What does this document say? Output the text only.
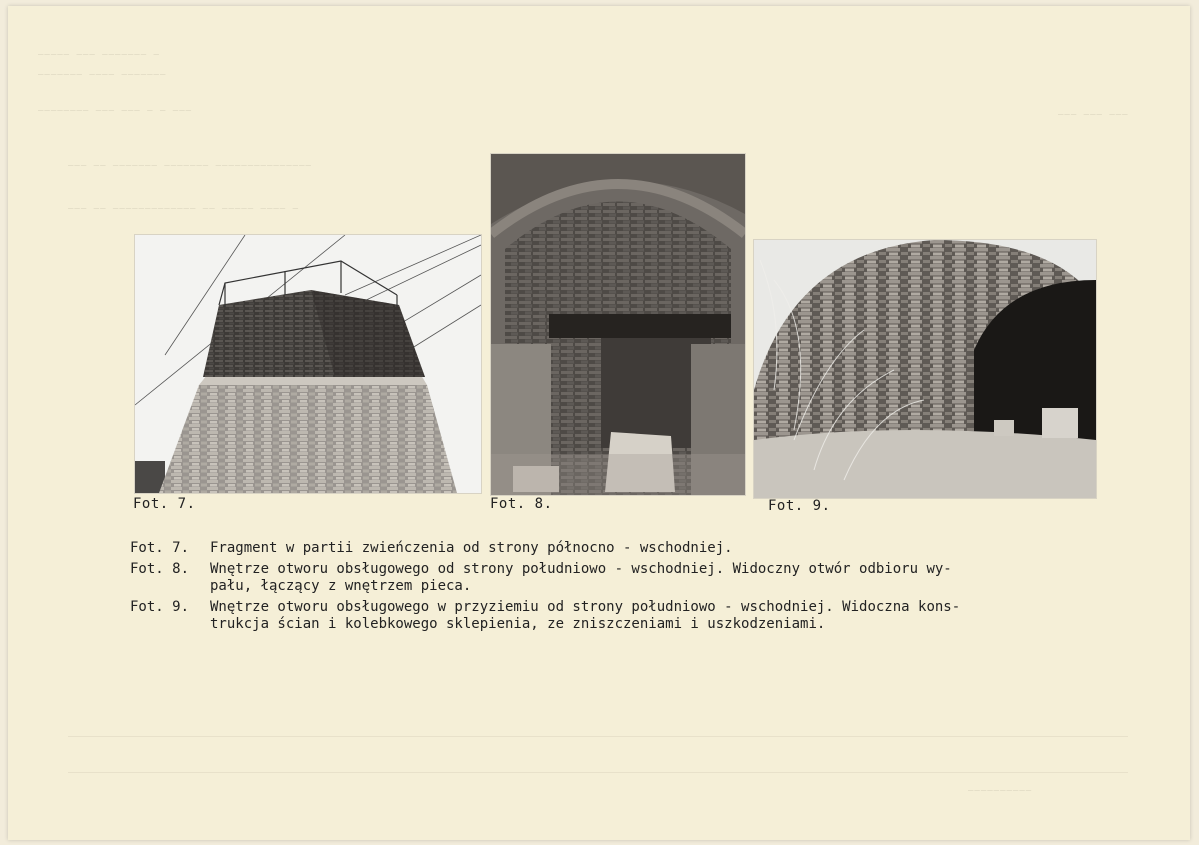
————— ——— ——————— —
——————— ———— ———————
———————— ——— ——— — — ———
——— —— ——————— ——————— ———————————————
——— —— ————————————— —— ————— ———— —
——— ——— ———
——————————
Fot. 7.	Fot. 8.	Fot. 9.
Fot. 7.	Fragment w partii zwieńczenia od strony północno - wschodniej.
Fot. 8.	Wnętrze otworu obsługowego od strony południowo - wschodniej. Widoczny otwór odbioru wy-
pału, łączący z wnętrzem pieca.
Fot. 9.	Wnętrze otworu obsługowego w przyziemiu od strony południowo - wschodniej. Widoczna kons-
trukcja ścian i kolebkowego sklepienia, ze zniszczeniami i uszkodzeniami.
